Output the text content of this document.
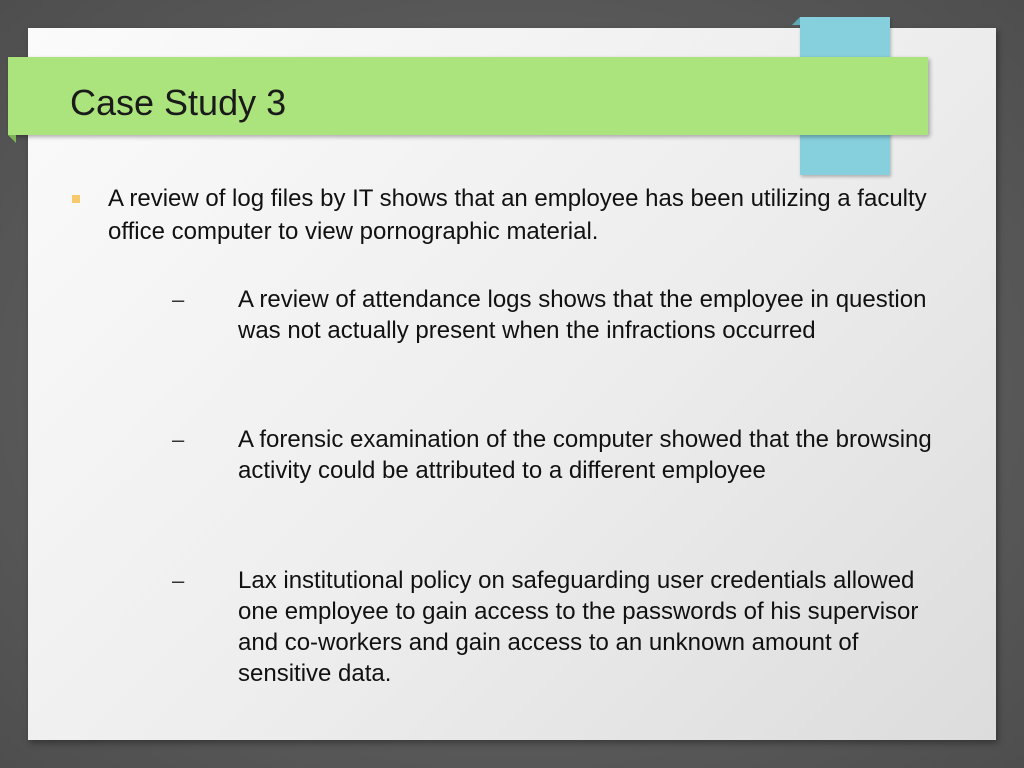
Case Study 3
A review of log files by IT shows that an employee has been utilizing a faculty office computer to view pornographic material.
– A review of attendance logs shows that the employee in question was not actually present when the infractions occurred
– A forensic examination of the computer showed that the browsing activity could be attributed to a different employee
– Lax institutional policy on safeguarding user credentials allowed one employee to gain access to the passwords of his supervisor and co-workers and gain access to an unknown amount of sensitive data.
